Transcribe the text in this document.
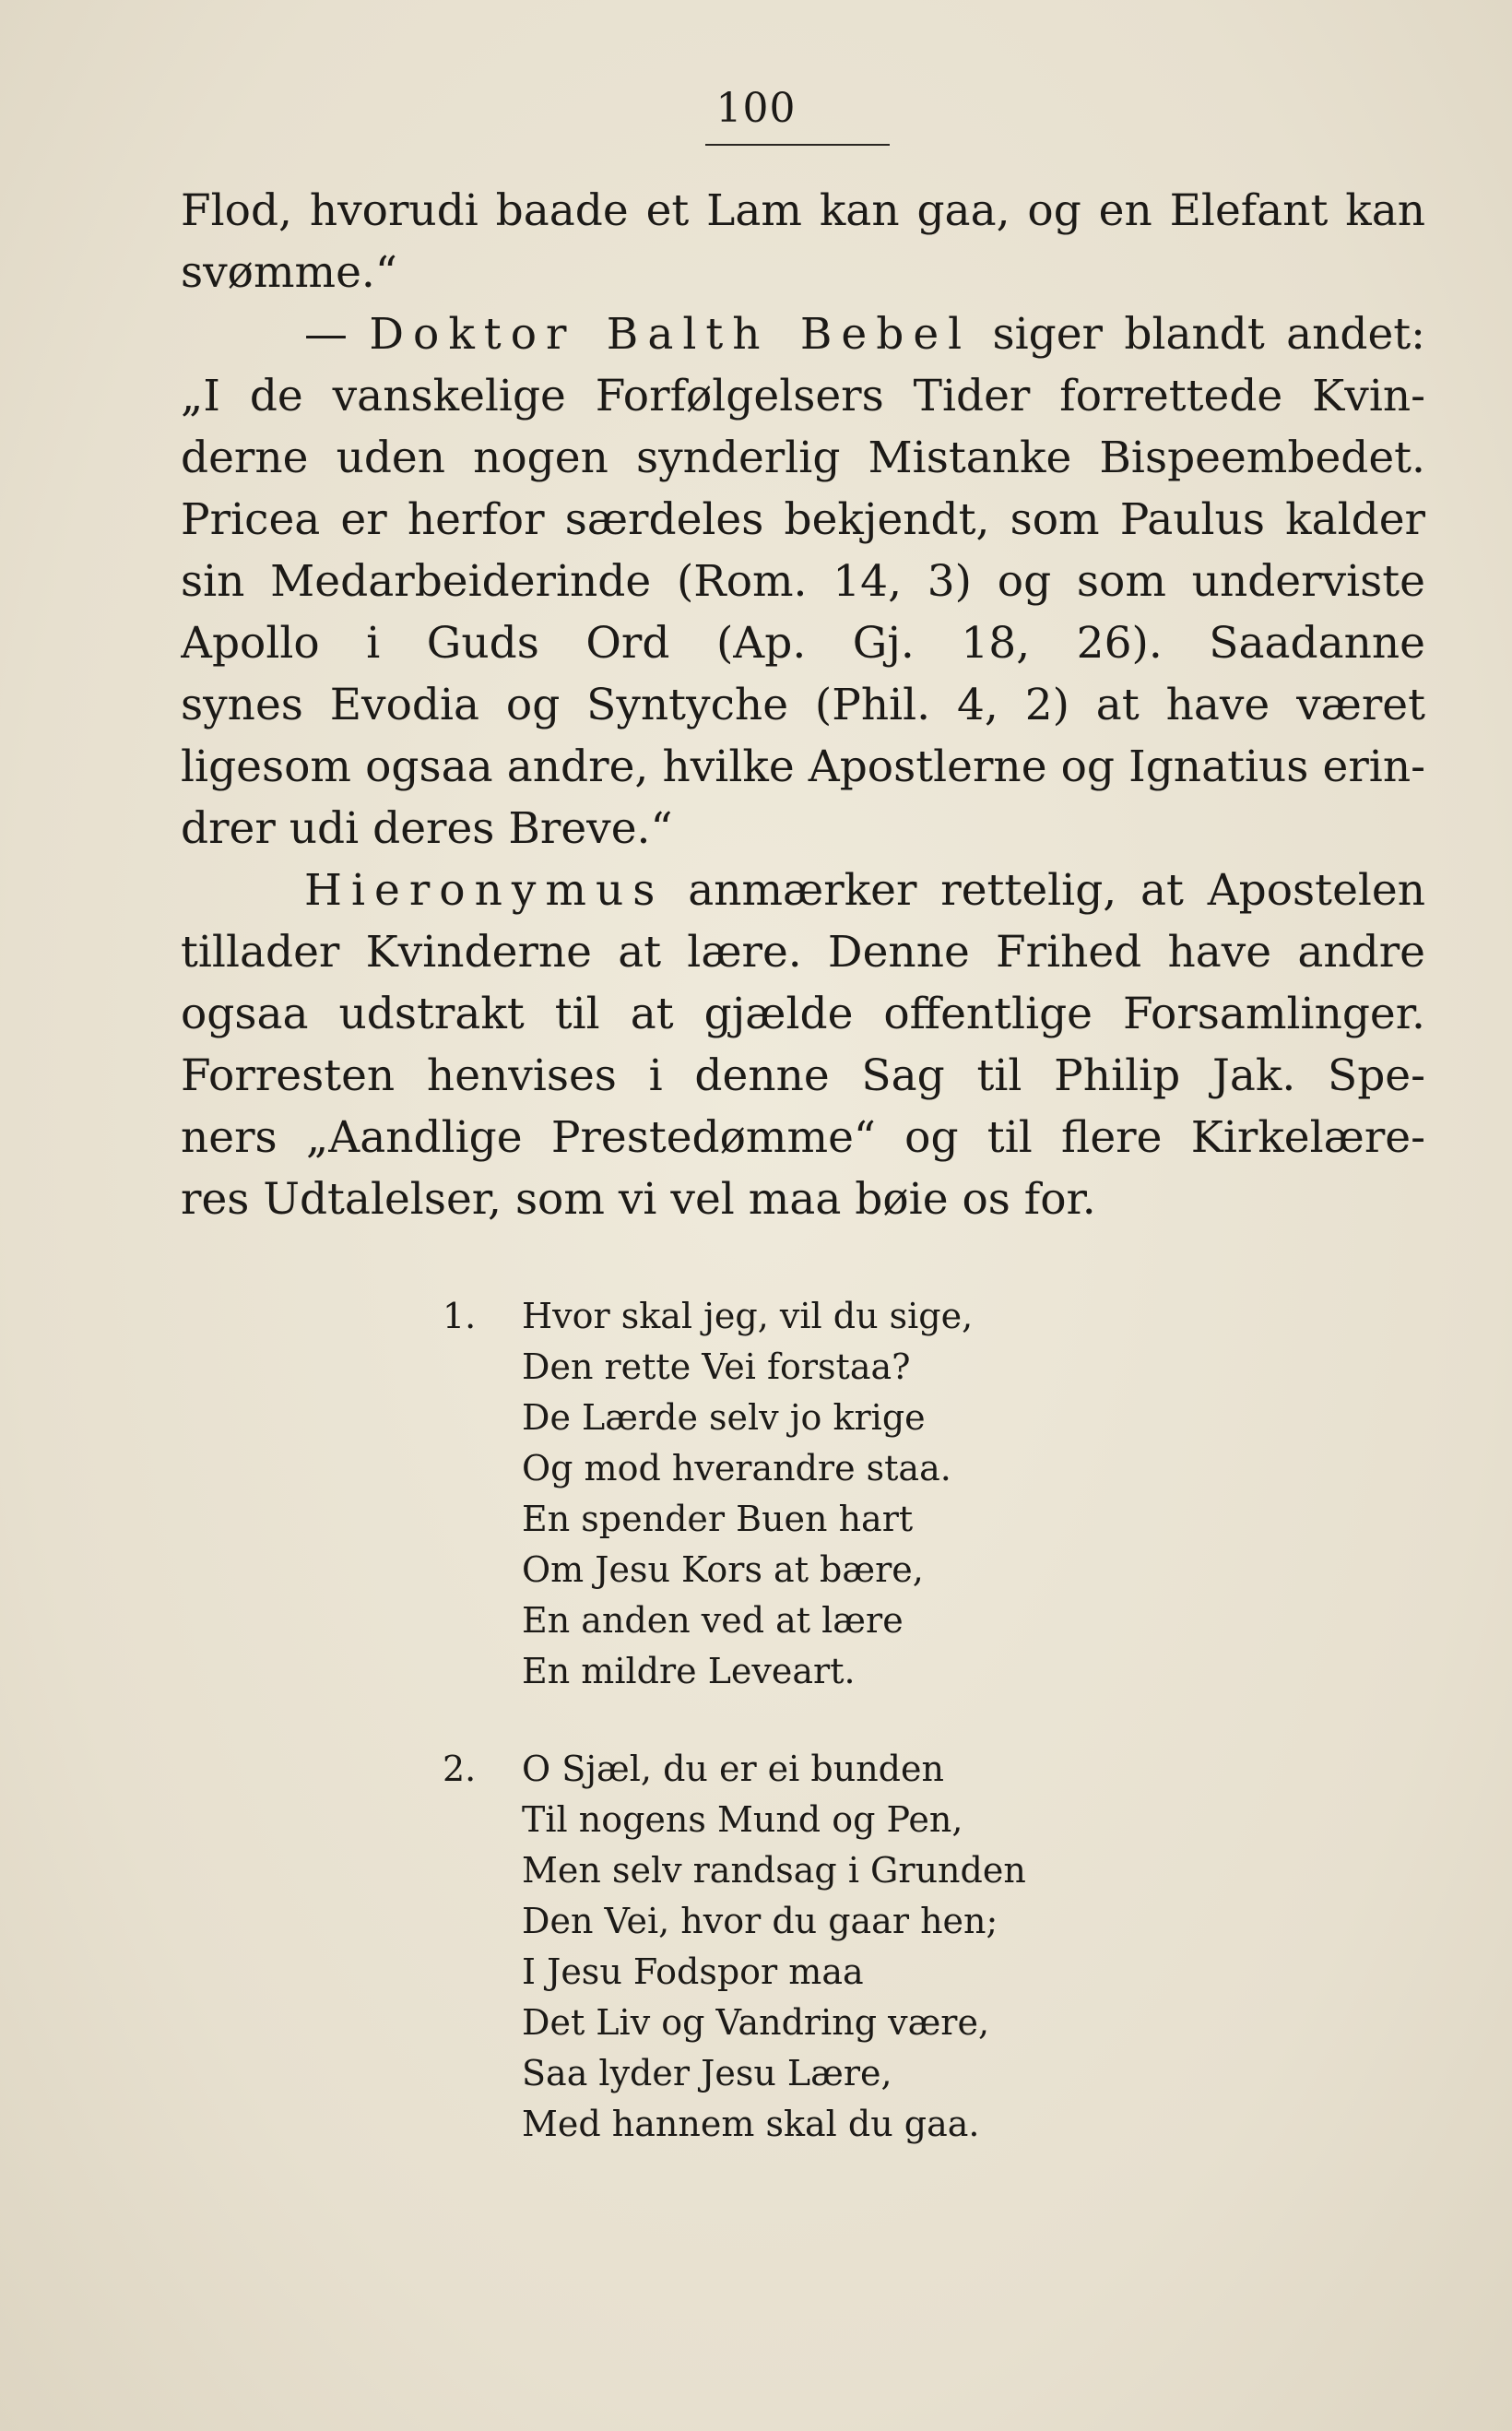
100
Flod, hvorudi baade et Lam kan gaa, og en Elefant kan
svømme.“
— Doktor Balth Bebel siger blandt andet:
„I de vanskelige Forfølgelsers Tider forrettede Kvin-
derne uden nogen synderlig Mistanke Bispeembedet.
Pricea er herfor særdeles bekjendt, som Paulus kalder
sin Medarbeiderinde (Rom. 14, 3) og som underviste
Apollo i Guds Ord (Ap. Gj. 18, 26). Saadanne
synes Evodia og Syntyche (Phil. 4, 2) at have været
ligesom ogsaa andre, hvilke Apostlerne og Ignatius erin-
drer udi deres Breve.“
Hieronymus anmærker rettelig, at Apostelen
tillader Kvinderne at lære. Denne Frihed have andre
ogsaa udstrakt til at gjælde offentlige Forsamlinger.
Forresten henvises i denne Sag til Philip Jak. Spe-
ners „Aandlige Prestedømme“ og til flere Kirkelære-
res Udtalelser, som vi vel maa bøie os for.
1. Hvor skal jeg, vil du sige,
Den rette Vei forstaa?
De Lærde selv jo krige
Og mod hverandre staa.
En spender Buen hart
Om Jesu Kors at bære,
En anden ved at lære
En mildre Leveart.
2. O Sjæl, du er ei bunden
Til nogens Mund og Pen,
Men selv randsag i Grunden
Den Vei, hvor du gaar hen;
I Jesu Fodspor maa
Det Liv og Vandring være,
Saa lyder Jesu Lære,
Med hannem skal du gaa.
